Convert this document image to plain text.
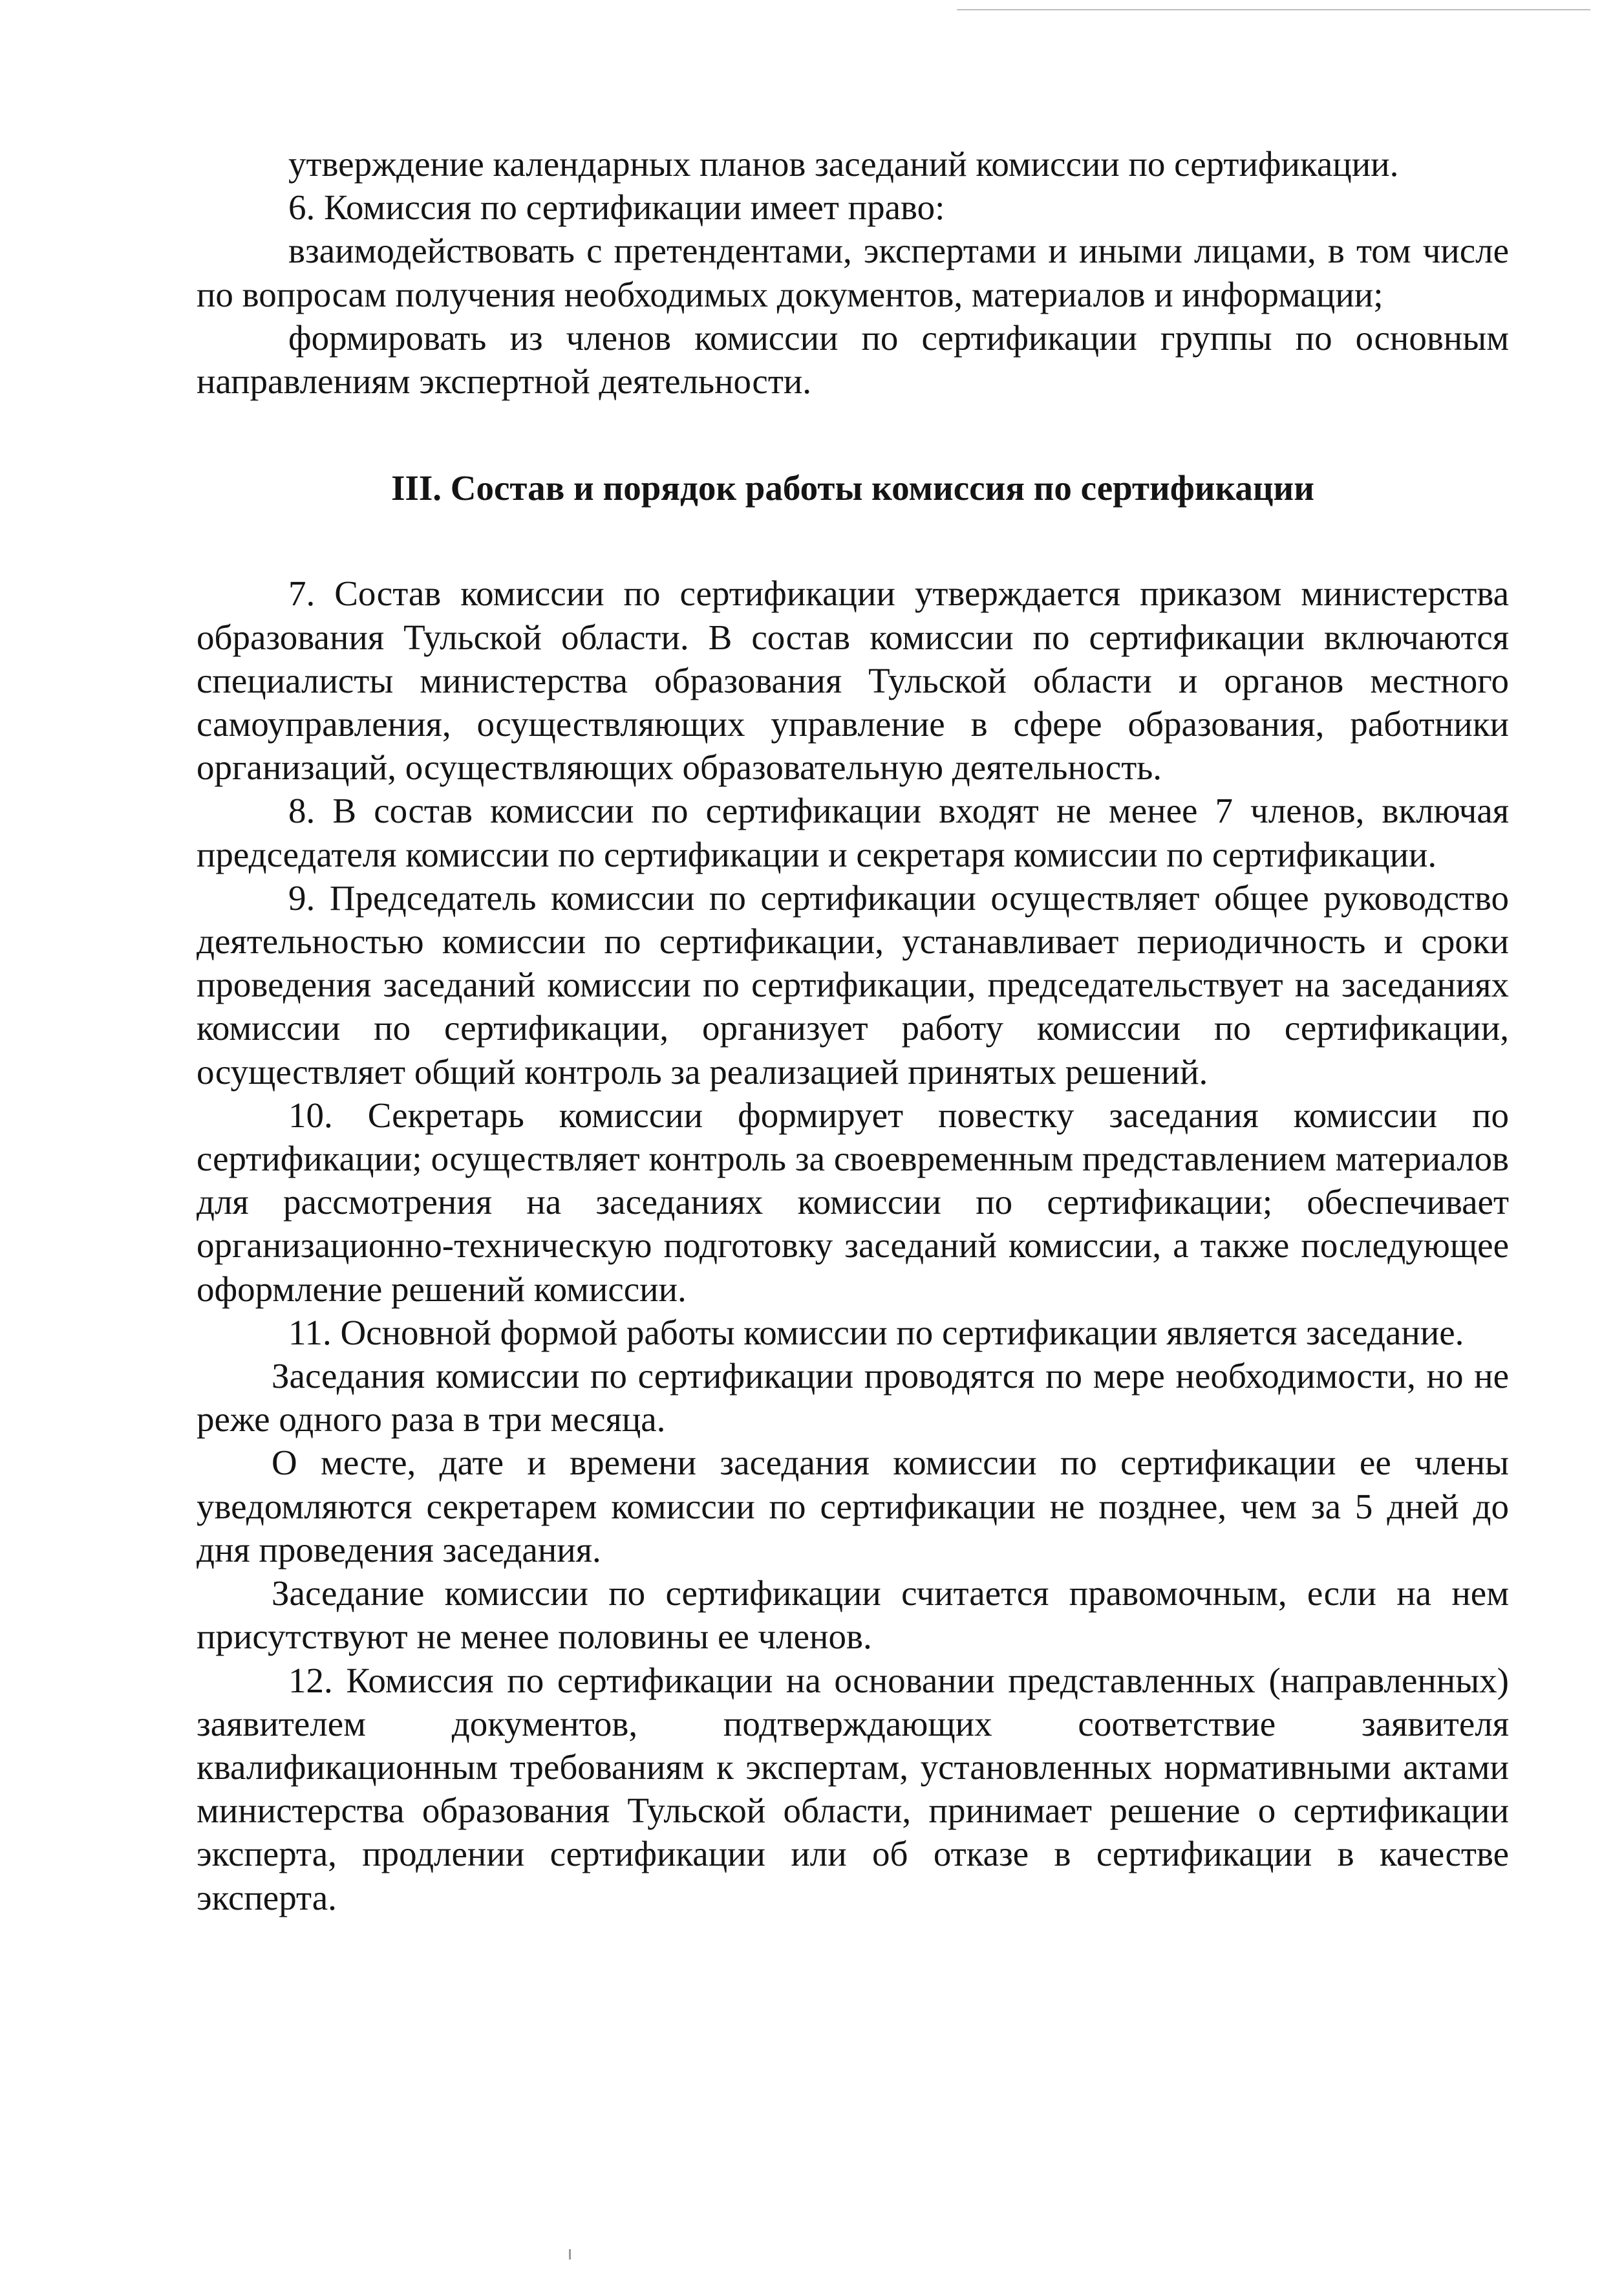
утверждение календарных планов заседаний комиссии по сертификации.

6. Комиссия по сертификации имеет право:

взаимодействовать с претендентами, экспертами и иными лицами, в том числе по вопросам получения необходимых документов, материалов и информации;

формировать из членов комиссии по сертификации группы по основным направлениям экспертной деятельности.

III. Состав и порядок работы комиссия по сертификации

7. Состав комиссии по сертификации утверждается приказом министерства образования Тульской области. В состав комиссии по сертификации включаются специалисты министерства образования Тульской области и органов местного самоуправления, осуществляющих управление в сфере образования, работники организаций, осуществляющих образовательную деятельность.

8. В состав комиссии по сертификации входят не менее 7 членов, включая председателя комиссии по сертификации и секретаря комиссии по сертификации.

9. Председатель комиссии по сертификации осуществляет общее руководство деятельностью комиссии по сертификации, устанавливает периодичность и сроки проведения заседаний комиссии по сертификации, председательствует на заседаниях комиссии по сертификации, организует работу комиссии по сертификации, осуществляет общий контроль за реализацией принятых решений.

10. Секретарь комиссии формирует повестку заседания комиссии по сертификации; осуществляет контроль за своевременным представлением материалов для рассмотрения на заседаниях комиссии по сертификации; обеспечивает организационно-техническую подготовку заседаний комиссии, а также последующее оформление решений комиссии.

11. Основной формой работы комиссии по сертификации является заседание.

Заседания комиссии по сертификации проводятся по мере необходимости, но не реже одного раза в три месяца.

О месте, дате и времени заседания комиссии по сертификации ее члены уведомляются секретарем комиссии по сертификации не позднее, чем за 5 дней до дня проведения заседания.

Заседание комиссии по сертификации считается правомочным, если на нем присутствуют не менее половины ее членов.

12. Комиссия по сертификации на основании представленных (направленных) заявителем документов, подтверждающих соответствие заявителя квалификационным требованиям к экспертам, установленных нормативными актами министерства образования Тульской области, принимает решение о сертификации эксперта, продлении сертификации или об отказе в сертификации в качестве эксперта.
